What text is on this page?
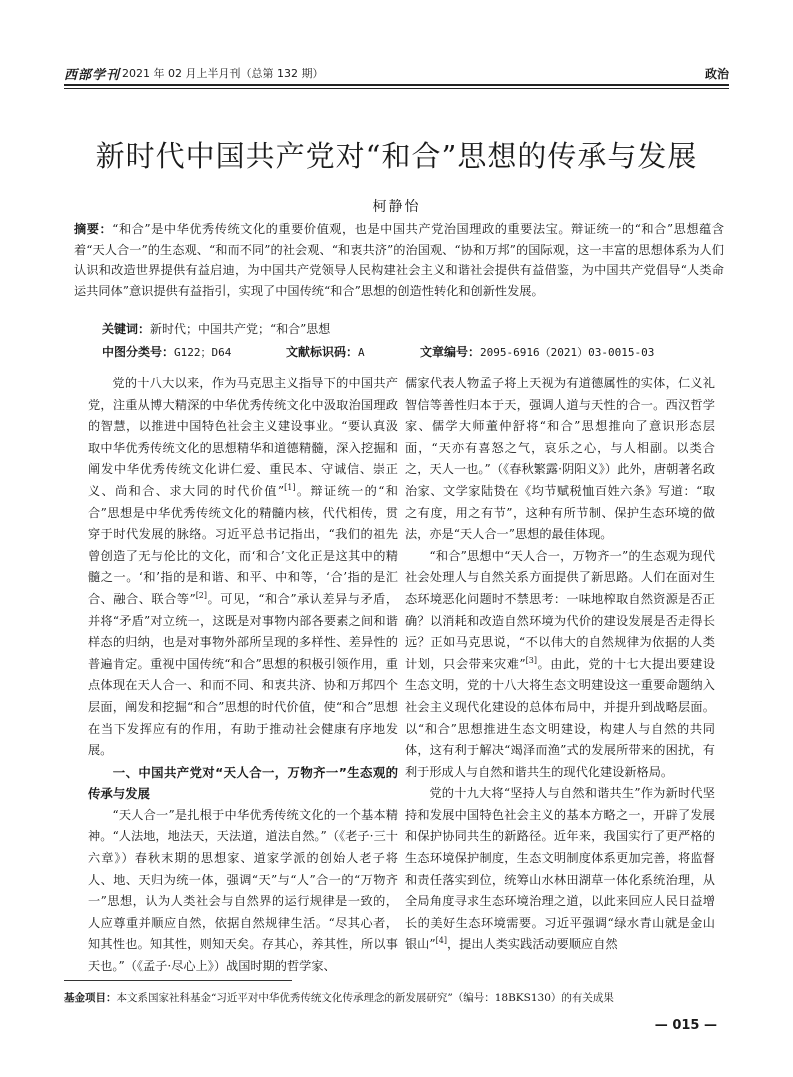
西部学刊 2021 年 02 月上半月刊（总第 132 期）	政治
新时代中国共产党对“和合”思想的传承与发展
柯静怡
摘要：“和合”是中华优秀传统文化的重要价值观，也是中国共产党治国理政的重要法宝。辩证统一的“和合”思想蕴含着“天人合一”的生态观、“和而不同”的社会观、“和衷共济”的治国观、“协和万邦”的国际观，这一丰富的思想体系为人们认识和改造世界提供有益启迪，为中国共产党领导人民构建社会主义和谐社会提供有益借鉴，为中国共产党倡导“人类命运共同体”意识提供有益指引，实现了中国传统“和合”思想的创造性转化和创新性发展。
关键词：新时代；中国共产党；“和合”思想
中图分类号：G122；D64	文献标识码：A	文章编号：2095-6916（2021）03-0015-03

党的十八大以来，作为马克思主义指导下的中国共产党，注重从博大精深的中华优秀传统文化中汲取治国理政的智慧，以推进中国特色社会主义建设事业。“要认真汲取中华优秀传统文化的思想精华和道德精髓，深入挖掘和阐发中华优秀传统文化讲仁爱、重民本、守诚信、崇正义、尚和合、求大同的时代价值”[1]。辩证统一的“和合”思想是中华优秀传统文化的精髓内核，代代相传，贯穿于时代发展的脉络。习近平总书记指出，“我们的祖先曾创造了无与伦比的文化，而‘和合’文化正是这其中的精髓之一。‘和’指的是和谐、和平、中和等，‘合’指的是汇合、融合、联合等”[2]。可见，“和合”承认差异与矛盾，并将“矛盾”对立统一，这既是对事物内部各要素之间和谐样态的归纳，也是对事物外部所呈现的多样性、差异性的普遍肯定。重视中国传统“和合”思想的积极引领作用，重点体现在天人合一、和而不同、和衷共济、协和万邦四个层面，阐发和挖掘“和合”思想的时代价值，使“和合”思想在当下发挥应有的作用，有助于推动社会健康有序地发展。

一、中国共产党对“天人合一，万物齐一”生态观的传承与发展

“天人合一”是扎根于中华优秀传统文化的一个基本精神。“人法地，地法天，天法道，道法自然。”（《老子·三十六章》）春秋末期的思想家、道家学派的创始人老子将人、地、天归为统一体，强调“天”与“人”合一的“万物齐一”思想，认为人类社会与自然界的运行规律是一致的，人应尊重并顺应自然，依据自然规律生活。“尽其心者，知其性也。知其性，则知天矣。存其心，养其性，所以事天也。”（《孟子·尽心上》）战国时期的哲学家、

儒家代表人物孟子将上天视为有道德属性的实体，仁义礼智信等善性归本于天，强调人道与天性的合一。西汉哲学家、儒学大师董仲舒将“和合”思想推向了意识形态层面，“天亦有喜怒之气，哀乐之心，与人相副。以类合之，天人一也。”（《春秋繁露·阴阳义》）此外，唐朝著名政治家、文学家陆贽在《均节赋税恤百姓六条》写道：“取之有度，用之有节”，这种有所节制、保护生态环境的做法，亦是“天人合一”思想的最佳体现。

“和合”思想中“天人合一，万物齐一”的生态观为现代社会处理人与自然关系方面提供了新思路。人们在面对生态环境恶化问题时不禁思考：一味地榨取自然资源是否正确？以消耗和改造自然环境为代价的建设发展是否走得长远？正如马克思说，“不以伟大的自然规律为依据的人类计划，只会带来灾难”[3]。由此，党的十七大提出要建设生态文明，党的十八大将生态文明建设这一重要命题纳入社会主义现代化建设的总体布局中，并提升到战略层面。以“和合”思想推进生态文明建设，构建人与自然的共同体，这有利于解决“竭泽而渔”式的发展所带来的困扰，有利于形成人与自然和谐共生的现代化建设新格局。

党的十九大将“坚持人与自然和谐共生”作为新时代坚持和发展中国特色社会主义的基本方略之一，开辟了发展和保护协同共生的新路径。近年来，我国实行了更严格的生态环境保护制度，生态文明制度体系更加完善，将监督和责任落实到位，统筹山水林田湖草一体化系统治理，从全局角度寻求生态环境治理之道，以此来回应人民日益增长的美好生态环境需要。习近平强调“绿水青山就是金山银山”[4]，提出人类实践活动要顺应自然

基金项目：本文系国家社科基金“习近平对中华优秀传统文化传承理念的新发展研究”（编号：18BKS130）的有关成果
— 015 —
